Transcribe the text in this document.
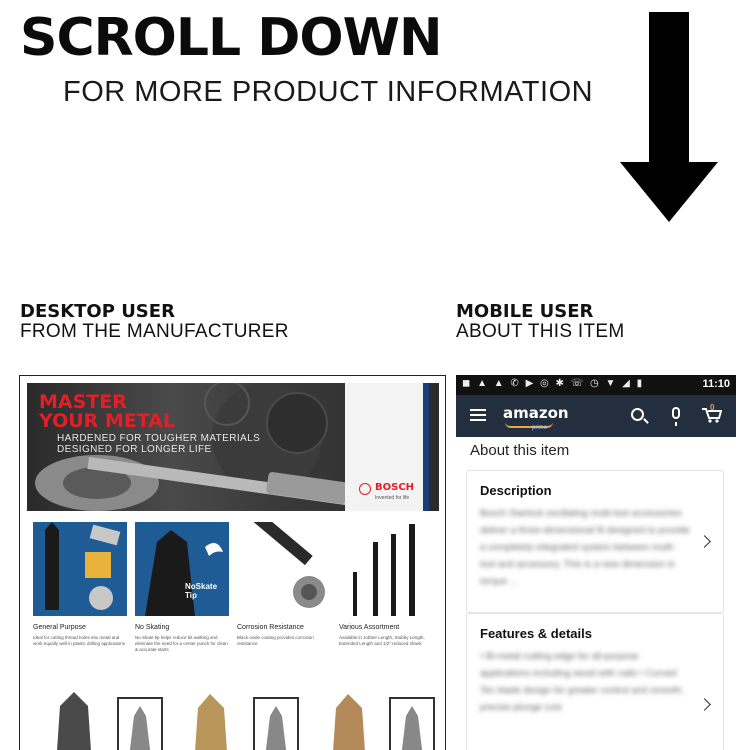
SCROLL DOWN
FOR MORE PRODUCT INFORMATION
DESKTOP USER
FROM THE MANUFACTURER
MOBILE USER
ABOUT THIS ITEM
MASTER
YOUR METAL
HARDENED FOR TOUGHER MATERIALS
DESIGNED FOR LONGER LIFE
BOSCH
Invented for life
General Purpose
Ideal for cutting thread holes into metal and work equally well in plastic drilling applications
NoSkate Tip
No Skating
No Skate tip helps reduce bit walking and eliminate the need for a center punch for clean & accurate starts
Corrosion Resistance
Black oxide coating provides corrosion resistance
Various Assortment
Available in Jobber Length, Stubby Length, Extended Length and 1/2" reduced shank
◼ ▲ ▲ ✆ ▶ ◎ ✱ ☏ ◷ ▼ ◢ ▮	11:10
amazon
prime
0
About this item
Description
Bosch Starlock oscillating multi-tool accessories deliver a three-dimensional fit designed to provide a completely integrated system between multi-tool and accessory. This is a new dimension in torque ...
Features & details
• Bi-metal cutting edge for all-purpose applications including wood with nails • Curved Tec blade design for greater control and smooth, precise plunge cuts
